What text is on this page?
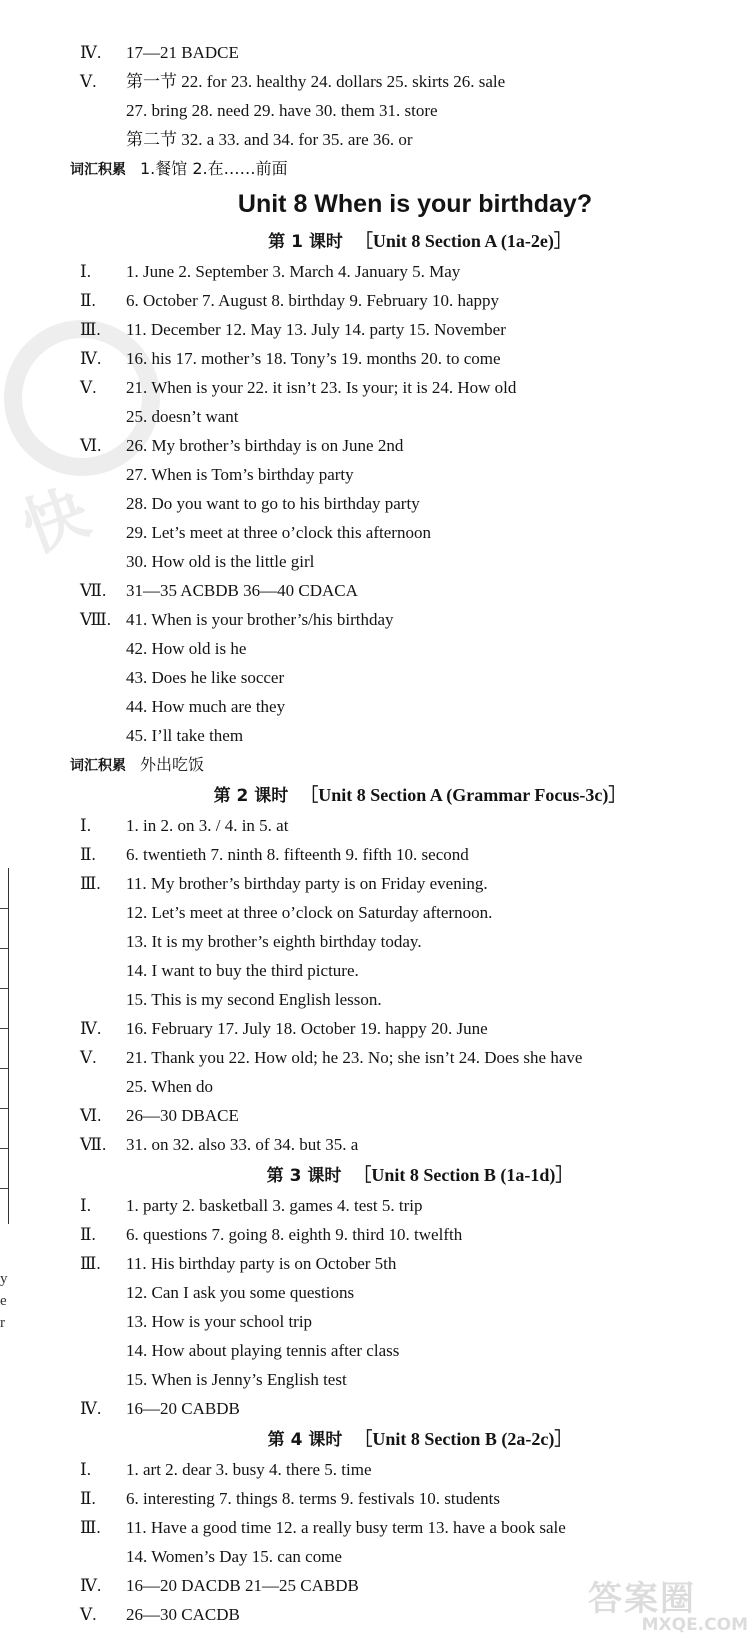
快
y
e
r
Ⅳ. 17—21 BADCE
Ⅴ. 第一节 22. for 23. healthy 24. dollars 25. skirts 26. sale
27. bring 28. need 29. have 30. them 31. store
第二节 32. a 33. and 34. for 35. are 36. or
词汇积累 1.餐馆 2.在……前面
Unit 8 When is your birthday?
第 1 课时 ［Unit 8 Section A (1a-2e)］
Ⅰ. 1. June 2. September 3. March 4. January 5. May
Ⅱ. 6. October 7. August 8. birthday 9. February 10. happy
Ⅲ. 11. December 12. May 13. July 14. party 15. November
Ⅳ. 16. his 17. mother’s 18. Tony’s 19. months 20. to come
Ⅴ. 21. When is your 22. it isn’t 23. Is your; it is 24. How old
25. doesn’t want
Ⅵ. 26. My brother’s birthday is on June 2nd
27. When is Tom’s birthday party
28. Do you want to go to his birthday party
29. Let’s meet at three o’clock this afternoon
30. How old is the little girl
Ⅶ. 31—35 ACBDB 36—40 CDACA
Ⅷ. 41. When is your brother’s/his birthday
42. How old is he
43. Does he like soccer
44. How much are they
45. I’ll take them
词汇积累 外出吃饭
第 2 课时 ［Unit 8 Section A (Grammar Focus-3c)］
Ⅰ. 1. in 2. on 3. / 4. in 5. at
Ⅱ. 6. twentieth 7. ninth 8. fifteenth 9. fifth 10. second
Ⅲ. 11. My brother’s birthday party is on Friday evening.
12. Let’s meet at three o’clock on Saturday afternoon.
13. It is my brother’s eighth birthday today.
14. I want to buy the third picture.
15. This is my second English lesson.
Ⅳ. 16. February 17. July 18. October 19. happy 20. June
Ⅴ. 21. Thank you 22. How old; he 23. No; she isn’t 24. Does she have
25. When do
Ⅵ. 26—30 DBACE
Ⅶ. 31. on 32. also 33. of 34. but 35. a
第 3 课时 ［Unit 8 Section B (1a-1d)］
Ⅰ. 1. party 2. basketball 3. games 4. test 5. trip
Ⅱ. 6. questions 7. going 8. eighth 9. third 10. twelfth
Ⅲ. 11. His birthday party is on October 5th
12. Can I ask you some questions
13. How is your school trip
14. How about playing tennis after class
15. When is Jenny’s English test
Ⅳ. 16—20 CABDB
第 4 课时 ［Unit 8 Section B (2a-2c)］
Ⅰ. 1. art 2. dear 3. busy 4. there 5. time
Ⅱ. 6. interesting 7. things 8. terms 9. festivals 10. students
Ⅲ. 11. Have a good time 12. a really busy term 13. have a book sale
14. Women’s Day 15. can come
Ⅳ. 16—20 DACDB 21—25 CABDB
Ⅴ. 26—30 CACDB	答案圈
MXQE.COM
